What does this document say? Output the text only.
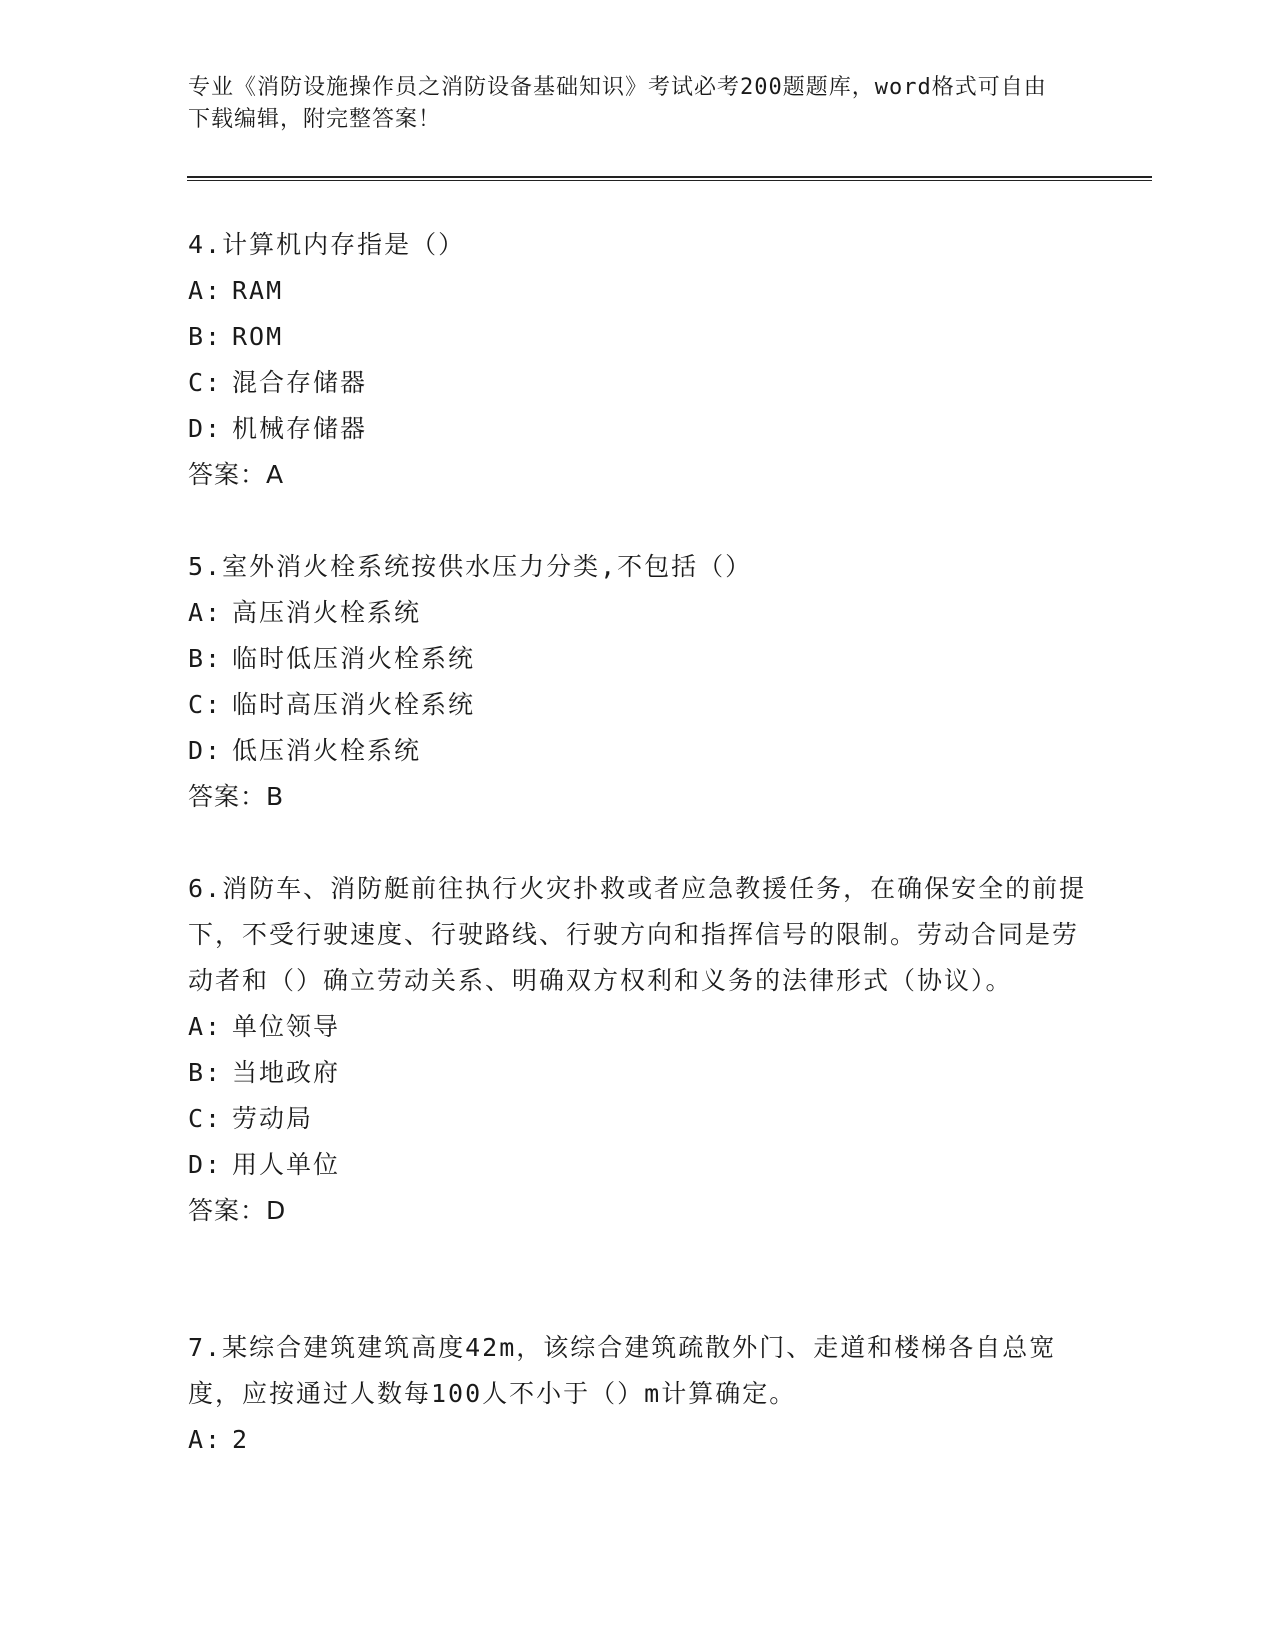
专业《消防设施操作员之消防设备基础知识》考试必考200题题库，word格式可自由下载编辑，附完整答案！

4.计算机内存指是（）

A: RAM

B: ROM

C: 混合存储器

D: 机械存储器

答案：A

5.室外消火栓系统按供水压力分类,不包括（）

A: 高压消火栓系统

B: 临时低压消火栓系统

C: 临时高压消火栓系统

D: 低压消火栓系统

答案：B

6.消防车、消防艇前往执行火灾扑救或者应急教援任务，在确保安全的前提下，不受行驶速度、行驶路线、行驶方向和指挥信号的限制。劳动合同是劳动者和（）确立劳动关系、明确双方权利和义务的法律形式（协议）。

A: 单位领导

B: 当地政府

C: 劳动局

D: 用人单位

答案：D

7.某综合建筑建筑高度42m，该综合建筑疏散外门、走道和楼梯各自总宽度，应按通过人数每100人不小于（）m计算确定。

A: 2
